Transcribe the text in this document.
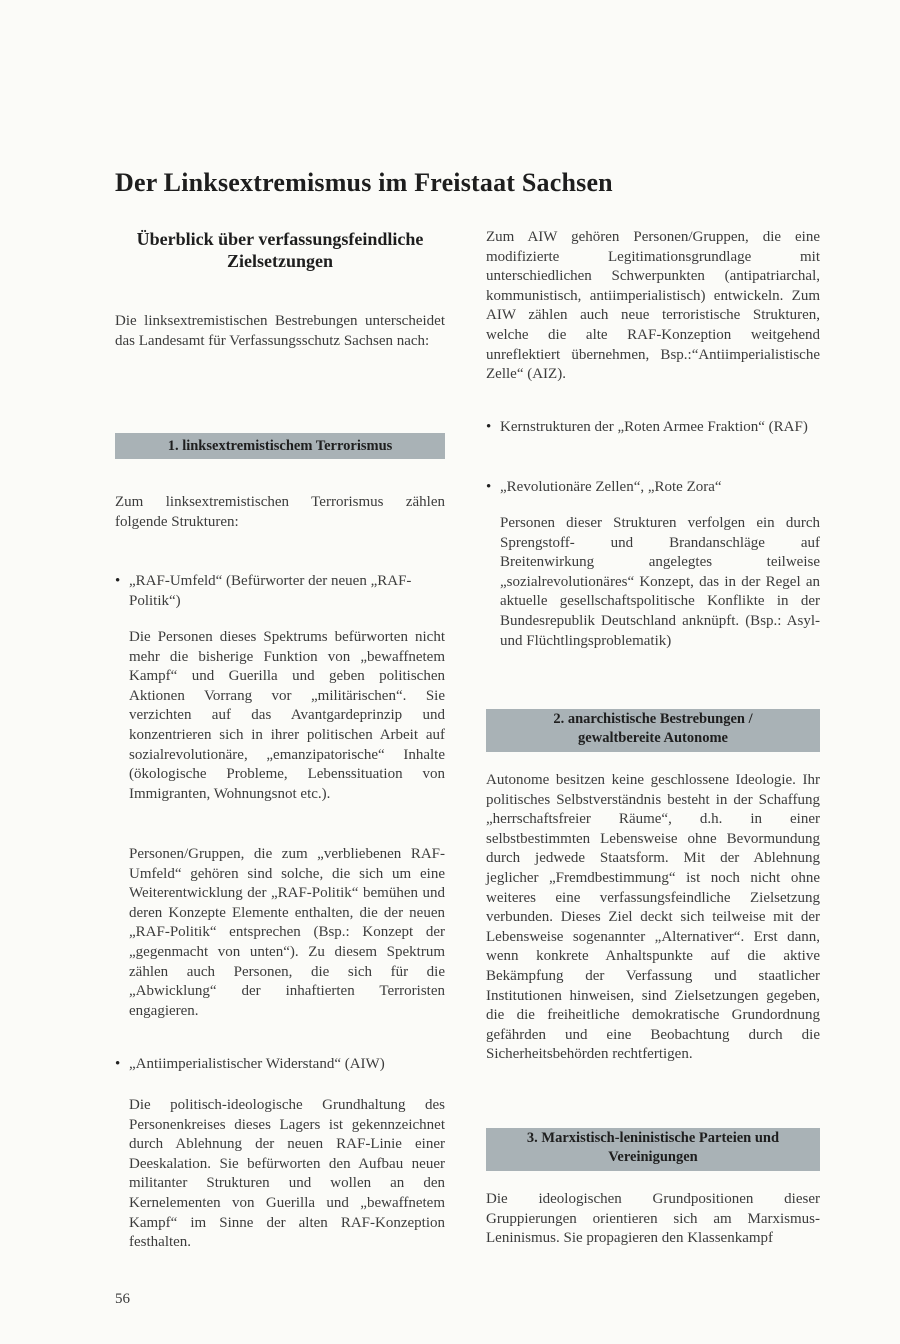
Der Linksextremismus im Freistaat Sachsen
Überblick über verfassungsfeindliche Zielsetzungen

Die linksextremistischen Bestrebungen unterscheidet das Landesamt für Verfassungsschutz Sachsen nach:

1. linksextremistischem Terrorismus

Zum linksextremistischen Terrorismus zählen folgende Strukturen:

• „RAF-Umfeld“ (Befürworter der neuen „RAF-Politik“)

Die Personen dieses Spektrums befürworten nicht mehr die bisherige Funktion von „bewaffnetem Kampf“ und Guerilla und geben politischen Aktionen Vorrang vor „militärischen“. Sie verzichten auf das Avantgardeprinzip und konzentrieren sich in ihrer politischen Arbeit auf sozialrevolutionäre, „emanzipatorische“ Inhalte (ökologische Probleme, Lebenssituation von Immigranten, Wohnungsnot etc.).

Personen/Gruppen, die zum „verbliebenen RAF-Umfeld“ gehören sind solche, die sich um eine Weiterentwicklung der „RAF-Politik“ bemühen und deren Konzepte Elemente enthalten, die der neuen „RAF-Politik“ entsprechen (Bsp.: Konzept der „gegenmacht von unten“). Zu diesem Spektrum zählen auch Personen, die sich für die „Abwicklung“ der inhaftierten Terroristen engagieren.

• „Antiimperialistischer Widerstand“ (AIW)

Die politisch-ideologische Grundhaltung des Personenkreises dieses Lagers ist gekennzeichnet durch Ablehnung der neuen RAF-Linie einer Deeskalation. Sie befürworten den Aufbau neuer militanter Strukturen und wollen an den Kernelementen von Guerilla und „bewaffnetem Kampf“ im Sinne der alten RAF-Konzeption festhalten.

Zum AIW gehören Personen/Gruppen, die eine modifizierte Legitimationsgrundlage mit unterschiedlichen Schwerpunkten (antipatriarchal, kommunistisch, antiimperialistisch) entwickeln. Zum AIW zählen auch neue terroristische Strukturen, welche die alte RAF-Konzeption weitgehend unreflektiert übernehmen, Bsp.:“Antiimperialistische Zelle“ (AIZ).

• Kernstrukturen der „Roten Armee Fraktion“ (RAF)

• „Revolutionäre Zellen“, „Rote Zora“

Personen dieser Strukturen verfolgen ein durch Sprengstoff- und Brandanschläge auf Breitenwirkung angelegtes teilweise „sozialrevolutionäres“ Konzept, das in der Regel an aktuelle gesellschaftspolitische Konflikte in der Bundesrepublik Deutschland anknüpft. (Bsp.: Asyl- und Flüchtlingsproblematik)

2. anarchistische Bestrebungen / gewaltbereite Autonome

Autonome besitzen keine geschlossene Ideologie. Ihr politisches Selbstverständnis besteht in der Schaffung „herrschaftsfreier Räume“, d.h. in einer selbstbestimmten Lebensweise ohne Bevormundung durch jedwede Staatsform. Mit der Ablehnung jeglicher „Fremdbestimmung“ ist noch nicht ohne weiteres eine verfassungsfeindliche Zielsetzung verbunden. Dieses Ziel deckt sich teilweise mit der Lebensweise sogenannter „Alternativer“. Erst dann, wenn konkrete Anhaltspunkte auf die aktive Bekämpfung der Verfassung und staatlicher Institutionen hinweisen, sind Zielsetzungen gegeben, die die freiheitliche demokratische Grundordnung gefährden und eine Beobachtung durch die Sicherheitsbehörden rechtfertigen.

3. Marxistisch-leninistische Parteien und Vereinigungen

Die ideologischen Grundpositionen dieser Gruppierungen orientieren sich am Marxismus-Leninismus. Sie propagieren den Klassenkampf

56
